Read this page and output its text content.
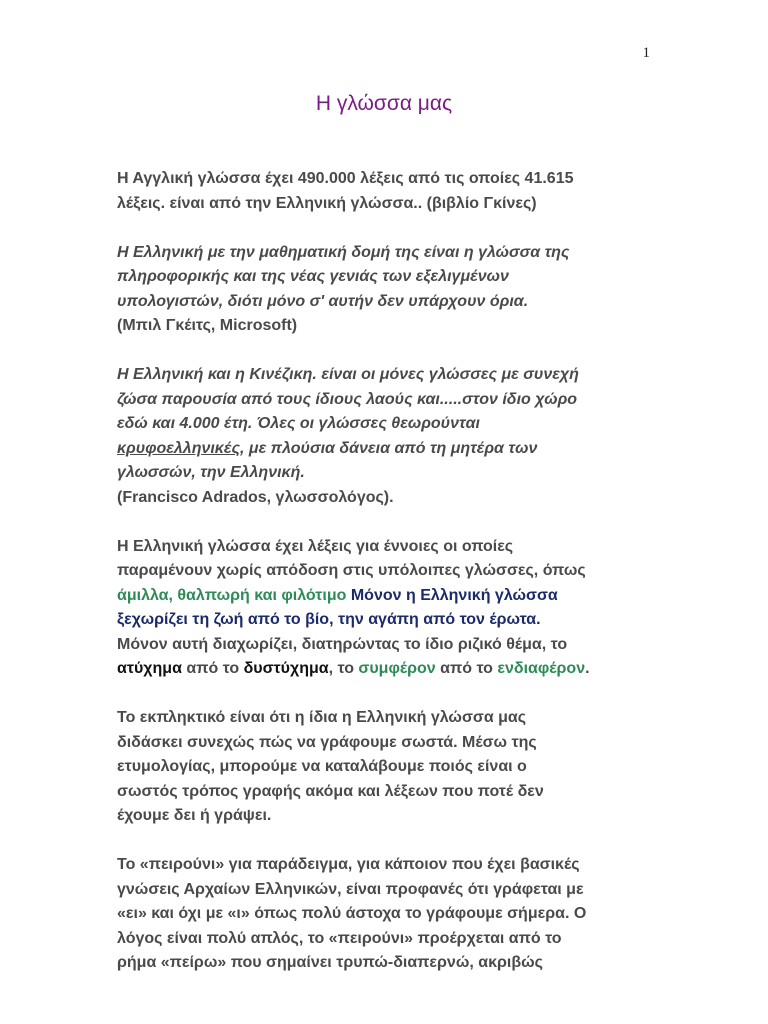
1
Η γλώσσα μας

Η Αγγλική γλώσσα έχει 490.000 λέξεις από τις οποίες 41.615
λέξεις. είναι από την Ελληνική γλώσσα.. (βιβλίο Γκίνες)

Η Ελληνική με την μαθηματική δομή της είναι η γλώσσα της
πληροφορικής και της νέας γενιάς των εξελιγμένων
υπολογιστών, διότι μόνο σ' αυτήν δεν υπάρχουν όρια.
(Μπιλ Γκέιτς, Microsoft)

Η Ελληνική και η Κινέζικη. είναι οι μόνες γλώσσες με συνεχή
ζώσα παρουσία από τους ίδιους λαούς και.....στον ίδιο χώρο
εδώ και 4.000 έτη. Όλες οι γλώσσες θεωρούνται
κρυφοελληνικές, με πλούσια δάνεια από τη μητέρα των
γλωσσών, την Ελληνική.
(Francisco Adrados, γλωσσολόγος).

Η Ελληνική γλώσσα έχει λέξεις για έννοιες οι οποίες
παραμένουν χωρίς απόδοση στις υπόλοιπες γλώσσες, όπως
άμιλλα, θαλπωρή και φιλότιμο Μόνον η Ελληνική γλώσσα
ξεχωρίζει τη ζωή από το βίο, την αγάπη από τον έρωτα.
Μόνον αυτή διαχωρίζει, διατηρώντας το ίδιο ριζικό θέμα, το
ατύχημα από το δυστύχημα, το συμφέρον από το ενδιαφέρον.

Το εκπληκτικό είναι ότι η ίδια η Ελληνική γλώσσα μας
διδάσκει συνεχώς πώς να γράφουμε σωστά. Μέσω της
ετυμολογίας, μπορούμε να καταλάβουμε ποιός είναι ο
σωστός τρόπος γραφής ακόμα και λέξεων που ποτέ δεν
έχουμε δει ή γράψει.

Το «πειρούνι» για παράδειγμα, για κάποιον που έχει βασικές
γνώσεις Αρχαίων Ελληνικών, είναι προφανές ότι γράφεται με
«ει» και όχι με «ι» όπως πολύ άστοχα το γράφουμε σήμερα. Ο
λόγος είναι πολύ απλός, το «πειρούνι» προέρχεται από το
ρήμα «πείρω» που σημαίνει τρυπώ-διαπερνώ, ακριβώς
